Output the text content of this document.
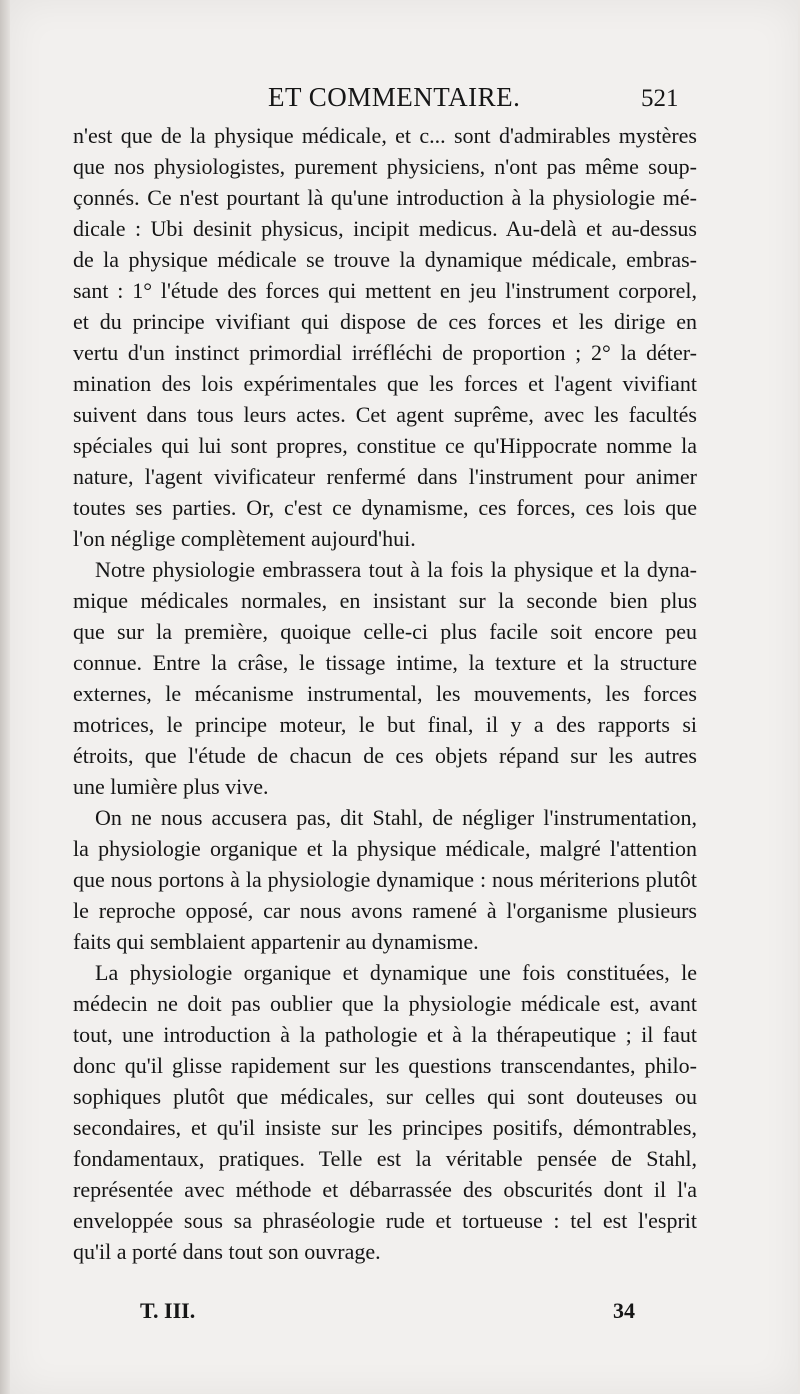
ET COMMENTAIRE.	521
n'est que de la physique médicale, et c... sont d'admirables mystères
que nos physiologistes, purement physiciens, n'ont pas même soup-
çonnés. Ce n'est pourtant là qu'une introduction à la physiologie mé-
dicale : Ubi desinit physicus, incipit medicus. Au-delà et au-dessus
de la physique médicale se trouve la dynamique médicale, embras-
sant : 1° l'étude des forces qui mettent en jeu l'instrument corporel,
et du principe vivifiant qui dispose de ces forces et les dirige en
vertu d'un instinct primordial irréfléchi de proportion ; 2° la déter-
mination des lois expérimentales que les forces et l'agent vivifiant
suivent dans tous leurs actes. Cet agent suprême, avec les facultés
spéciales qui lui sont propres, constitue ce qu'Hippocrate nomme la
nature, l'agent vivificateur renfermé dans l'instrument pour animer
toutes ses parties. Or, c'est ce dynamisme, ces forces, ces lois que
l'on néglige complètement aujourd'hui.
Notre physiologie embrassera tout à la fois la physique et la dyna-
mique médicales normales, en insistant sur la seconde bien plus
que sur la première, quoique celle-ci plus facile soit encore peu
connue. Entre la crâse, le tissage intime, la texture et la structure
externes, le mécanisme instrumental, les mouvements, les forces
motrices, le principe moteur, le but final, il y a des rapports si
étroits, que l'étude de chacun de ces objets répand sur les autres
une lumière plus vive.
On ne nous accusera pas, dit Stahl, de négliger l'instrumentation,
la physiologie organique et la physique médicale, malgré l'attention
que nous portons à la physiologie dynamique : nous mériterions plutôt
le reproche opposé, car nous avons ramené à l'organisme plusieurs
faits qui semblaient appartenir au dynamisme.
La physiologie organique et dynamique une fois constituées, le
médecin ne doit pas oublier que la physiologie médicale est, avant
tout, une introduction à la pathologie et à la thérapeutique ; il faut
donc qu'il glisse rapidement sur les questions transcendantes, philo-
sophiques plutôt que médicales, sur celles qui sont douteuses ou
secondaires, et qu'il insiste sur les principes positifs, démontrables,
fondamentaux, pratiques. Telle est la véritable pensée de Stahl,
représentée avec méthode et débarrassée des obscurités dont il l'a
enveloppée sous sa phraséologie rude et tortueuse : tel est l'esprit
qu'il a porté dans tout son ouvrage.
T. III.	34
